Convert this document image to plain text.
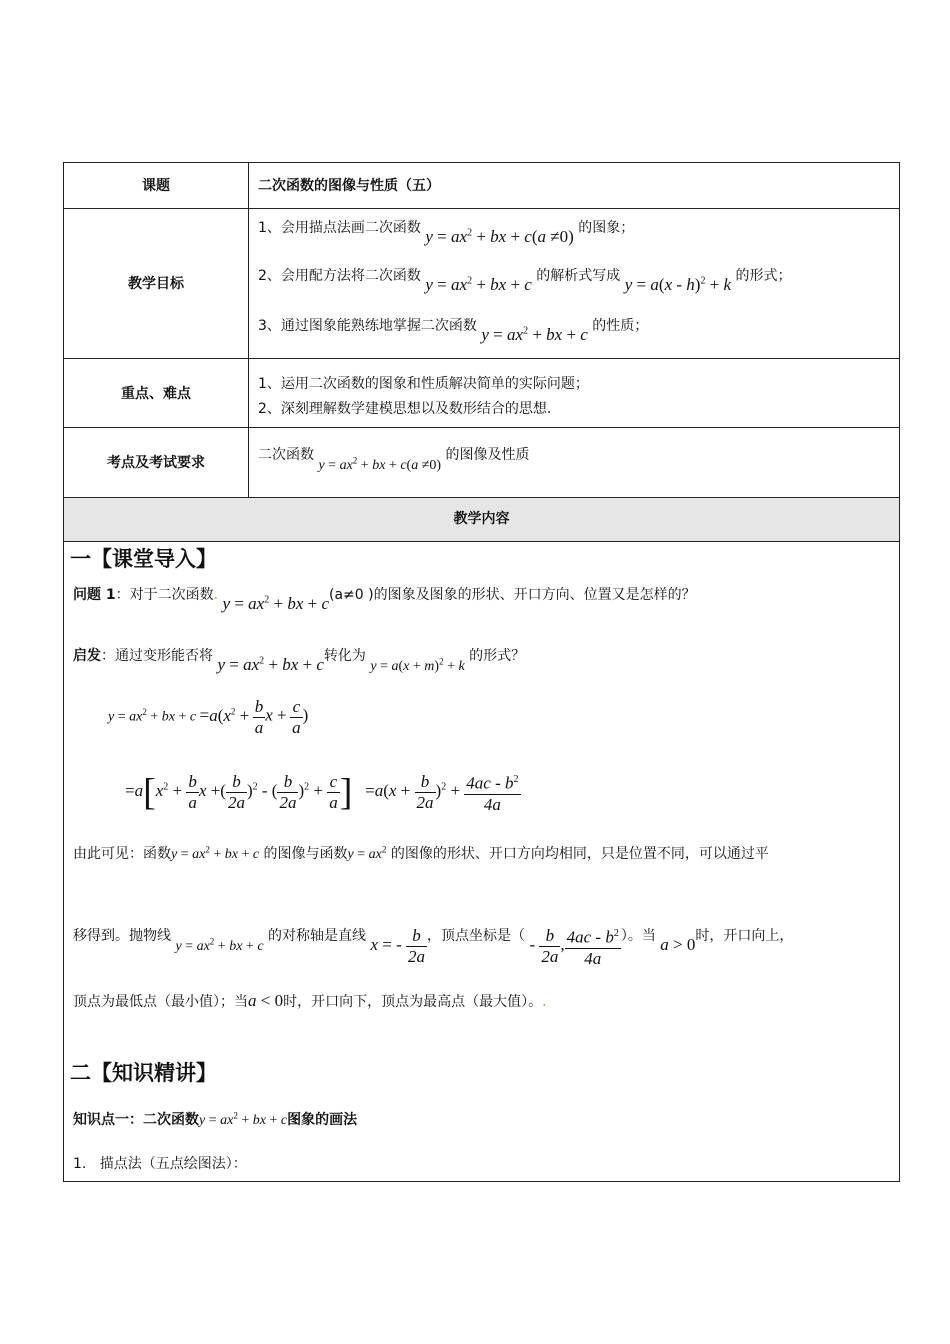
课题	二次函数的图像与性质（五）
教学目标
1、会用描点法画二次函数 $y = ax^2$ + bx + c(a ≠0) 的图象；
2、会用配方法将二次函数 $y = ax^2$ + bx + c 的解析式写成 y = a(x - h)$^2$ + k 的形式；
3、通过图象能熟练地掌握二次函数 $y = ax^2$ + bx + c 的性质；
重点、难点
1、运用二次函数的图象和性质解决简单的实际问题；
2、深刻理解数学建模思想以及数形结合的思想.
考点及考试要求	二次函数 $y = ax^2$ + bx + c(a ≠0) 的图像及性质
教学内容
一【课堂导入】
问题 1：对于二次函数. $y = ax^2$ + bx + c(a≠0 )的图象及图象的形状、开口方向、位置又是怎样的？
启发：通过变形能否将 $y = ax^2$ + bx + c转化为 $y = a(x + m)^2 + k$ 的形式？
$y = ax^2$ + bx + $c =a(x^2 + \frac{b}{a}$ $x + \frac{c}{a}$ )
$=a[x^2 + \frac{b}{a}$ x +( $\frac{b}{2a} )^2$ - ( $\frac{b}{2a} )^2 + \frac{c}{a}$ ] $=a(x + \frac{b}{2a} )^2 + \frac{4ac - b^2}{4a}$
由此可见：函数$y = ax^2$ + bx + c 的图像与函数$y = ax^2$ 的图像的形状、开口方向均相同，只是位置不同，可以通过平
移得到。抛物线 $y = ax^2$ + bx + c 的对称轴是直线 x = - $\frac{b}{2a}$ ，顶点坐标是（ - $\frac{b}{2a}$ , $\frac{4ac - b^2}{4a}$ ）。当 a > 0时，开口向上，
顶点为最低点（最小值）；当a < 0时，开口向下，顶点为最高点（最大值）。.
二【知识精讲】
知识点一：二次函数$y = ax^2$ + bx + c图象的画法
1.   描点法（五点绘图法）：
